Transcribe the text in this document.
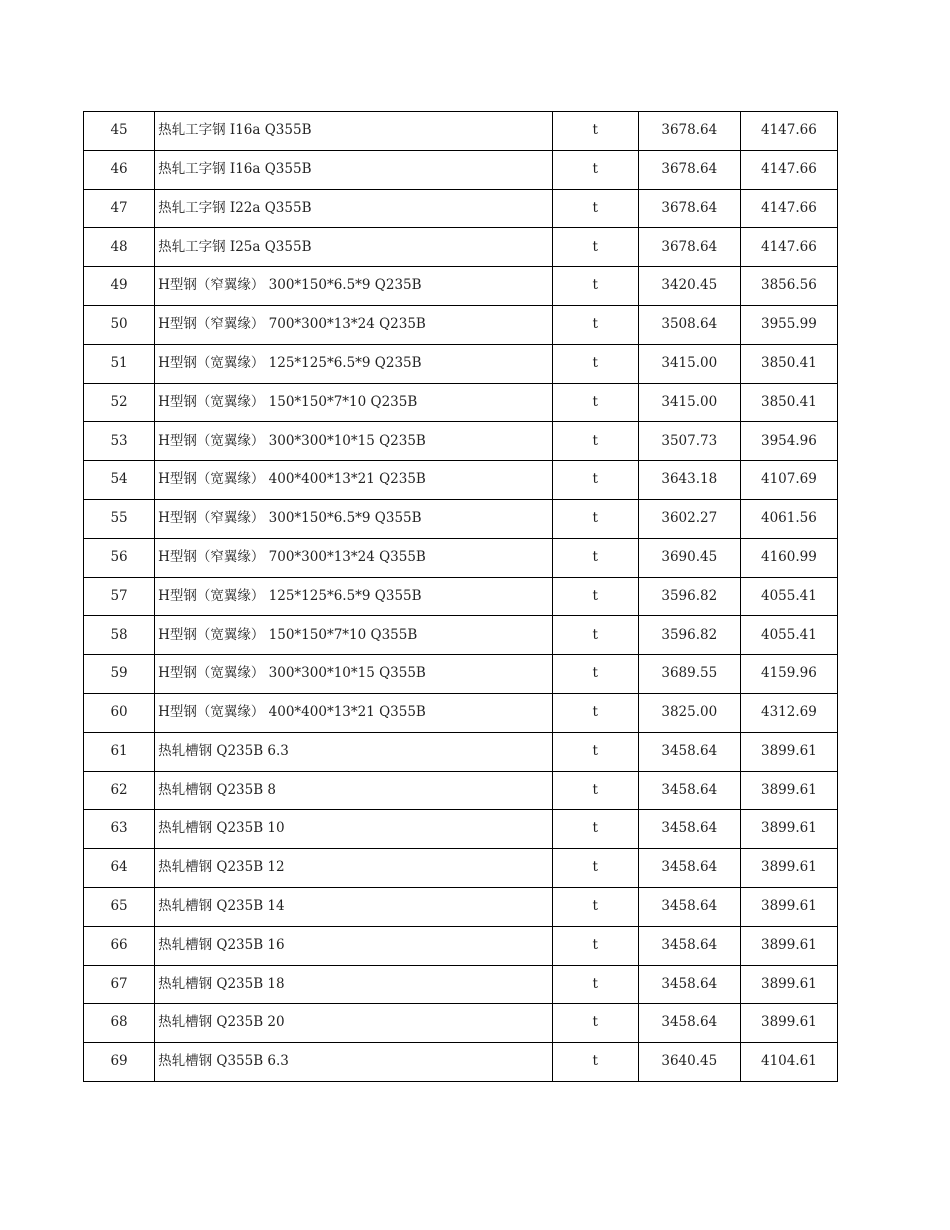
45	热轧工字钢 I16a Q355B	t	3678.64	4147.66
46	热轧工字钢 I16a Q355B	t	3678.64	4147.66
47	热轧工字钢 I22a Q355B	t	3678.64	4147.66
48	热轧工字钢 I25a Q355B	t	3678.64	4147.66
49	H型钢（窄翼缘） 300*150*6.5*9 Q235B	t	3420.45	3856.56
50	H型钢（窄翼缘） 700*300*13*24 Q235B	t	3508.64	3955.99
51	H型钢（宽翼缘） 125*125*6.5*9 Q235B	t	3415.00	3850.41
52	H型钢（宽翼缘） 150*150*7*10 Q235B	t	3415.00	3850.41
53	H型钢（宽翼缘） 300*300*10*15 Q235B	t	3507.73	3954.96
54	H型钢（宽翼缘） 400*400*13*21 Q235B	t	3643.18	4107.69
55	H型钢（窄翼缘） 300*150*6.5*9 Q355B	t	3602.27	4061.56
56	H型钢（窄翼缘） 700*300*13*24 Q355B	t	3690.45	4160.99
57	H型钢（宽翼缘） 125*125*6.5*9 Q355B	t	3596.82	4055.41
58	H型钢（宽翼缘） 150*150*7*10 Q355B	t	3596.82	4055.41
59	H型钢（宽翼缘） 300*300*10*15 Q355B	t	3689.55	4159.96
60	H型钢（宽翼缘） 400*400*13*21 Q355B	t	3825.00	4312.69
61	热轧槽钢 Q235B 6.3	t	3458.64	3899.61
62	热轧槽钢 Q235B 8	t	3458.64	3899.61
63	热轧槽钢 Q235B 10	t	3458.64	3899.61
64	热轧槽钢 Q235B 12	t	3458.64	3899.61
65	热轧槽钢 Q235B 14	t	3458.64	3899.61
66	热轧槽钢 Q235B 16	t	3458.64	3899.61
67	热轧槽钢 Q235B 18	t	3458.64	3899.61
68	热轧槽钢 Q235B 20	t	3458.64	3899.61
69	热轧槽钢 Q355B 6.3	t	3640.45	4104.61
